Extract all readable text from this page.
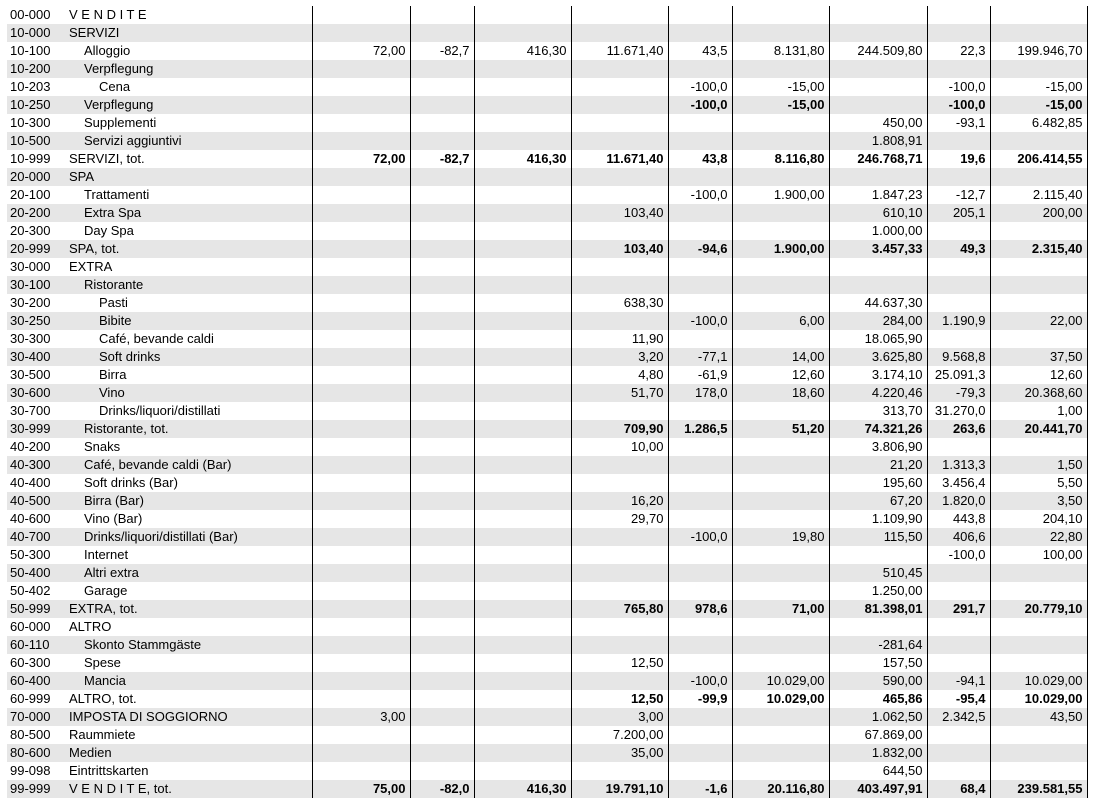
00-000	V E N D I T E									
10-000	SERVIZI									
10-100	Alloggio	72,00	-82,7	416,30	11.671,40	43,5	8.131,80	244.509,80	22,3	199.946,70
10-200	Verpflegung									
10-203	Cena					-100,0	-15,00		-100,0	-15,00
10-250	Verpflegung					-100,0	-15,00		-100,0	-15,00
10-300	Supplementi							450,00	-93,1	6.482,85
10-500	Servizi aggiuntivi							1.808,91		
10-999	SERVIZI, tot.	72,00	-82,7	416,30	11.671,40	43,8	8.116,80	246.768,71	19,6	206.414,55
20-000	SPA									
20-100	Trattamenti					-100,0	1.900,00	1.847,23	-12,7	2.115,40
20-200	Extra Spa				103,40			610,10	205,1	200,00
20-300	Day Spa							1.000,00		
20-999	SPA, tot.				103,40	-94,6	1.900,00	3.457,33	49,3	2.315,40
30-000	EXTRA									
30-100	Ristorante									
30-200	Pasti				638,30			44.637,30		
30-250	Bibite					-100,0	6,00	284,00	1.190,9	22,00
30-300	Café, bevande caldi				11,90			18.065,90		
30-400	Soft drinks				3,20	-77,1	14,00	3.625,80	9.568,8	37,50
30-500	Birra				4,80	-61,9	12,60	3.174,10	25.091,3	12,60
30-600	Vino				51,70	178,0	18,60	4.220,46	-79,3	20.368,60
30-700	Drinks/liquori/distillati							313,70	31.270,0	1,00
30-999	Ristorante, tot.				709,90	1.286,5	51,20	74.321,26	263,6	20.441,70
40-200	Snaks				10,00			3.806,90		
40-300	Café, bevande caldi (Bar)							21,20	1.313,3	1,50
40-400	Soft drinks (Bar)							195,60	3.456,4	5,50
40-500	Birra (Bar)				16,20			67,20	1.820,0	3,50
40-600	Vino (Bar)				29,70			1.109,90	443,8	204,10
40-700	Drinks/liquori/distillati (Bar)					-100,0	19,80	115,50	406,6	22,80
50-300	Internet								-100,0	100,00
50-400	Altri extra							510,45		
50-402	Garage							1.250,00		
50-999	EXTRA, tot.				765,80	978,6	71,00	81.398,01	291,7	20.779,10
60-000	ALTRO									
60-110	Skonto Stammgäste							-281,64		
60-300	Spese				12,50			157,50		
60-400	Mancia					-100,0	10.029,00	590,00	-94,1	10.029,00
60-999	ALTRO, tot.				12,50	-99,9	10.029,00	465,86	-95,4	10.029,00
70-000	IMPOSTA DI SOGGIORNO	3,00			3,00			1.062,50	2.342,5	43,50
80-500	Raummiete				7.200,00			67.869,00		
80-600	Medien				35,00			1.832,00		
99-098	Eintrittskarten							644,50		
99-999	V E N D I T E, tot.	75,00	-82,0	416,30	19.791,10	-1,6	20.116,80	403.497,91	68,4	239.581,55
